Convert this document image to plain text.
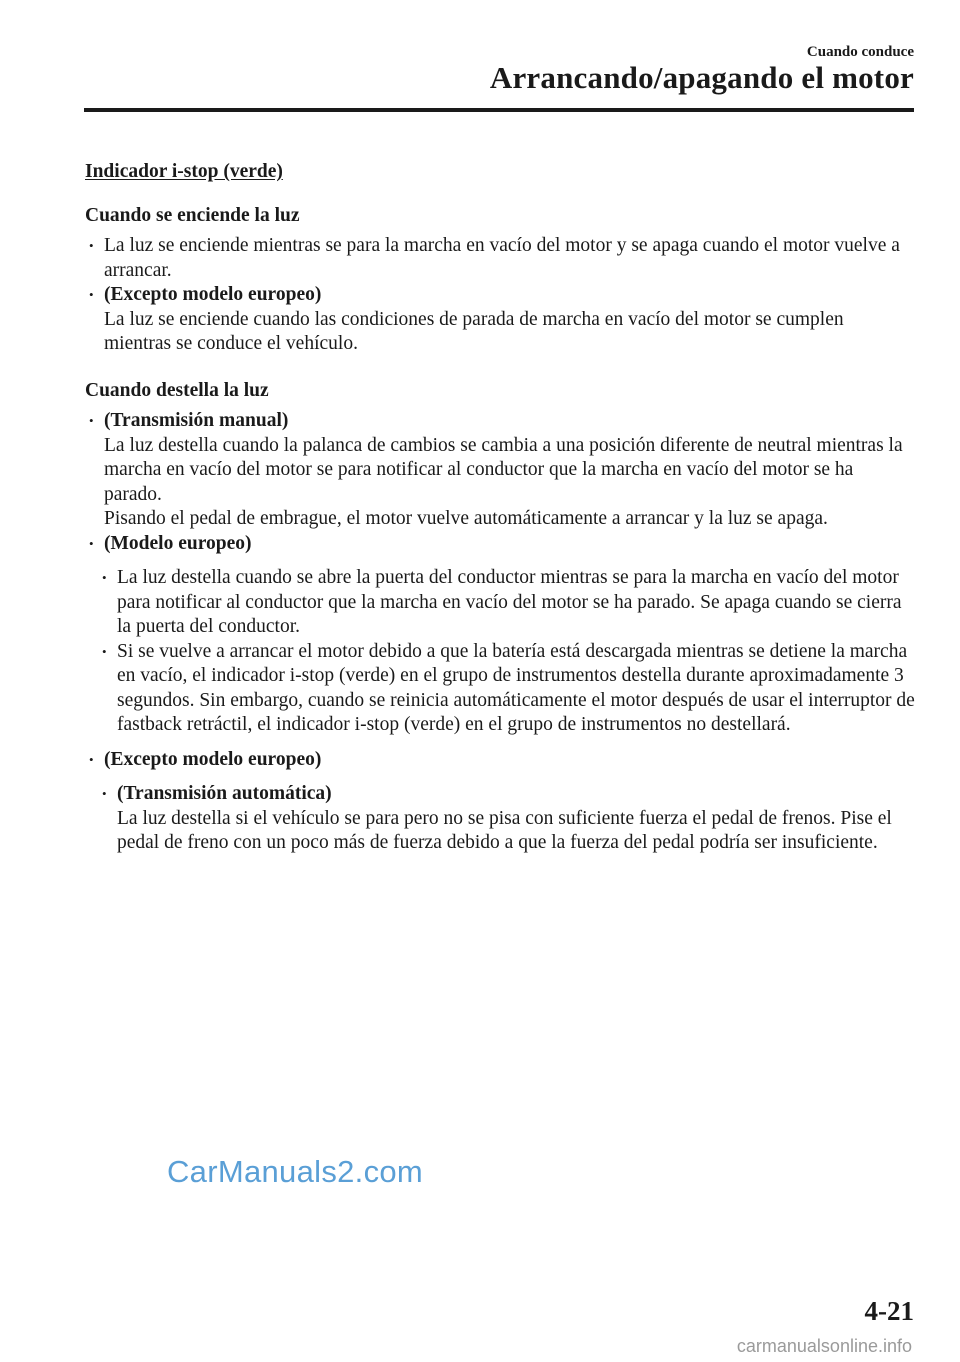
Cuando conduce
Arrancando/apagando el motor
Indicador i-stop (verde)
Cuando se enciende la luz
• La luz se enciende mientras se para la marcha en vacío del motor y se apaga cuando el motor vuelve a arrancar.
• (Excepto modelo europeo)
La luz se enciende cuando las condiciones de parada de marcha en vacío del motor se cumplen mientras se conduce el vehículo.
Cuando destella la luz
• (Transmisión manual)
La luz destella cuando la palanca de cambios se cambia a una posición diferente de neutral mientras la marcha en vacío del motor se para notificar al conductor que la marcha en vacío del motor se ha parado.
Pisando el pedal de embrague, el motor vuelve automáticamente a arrancar y la luz se apaga.
• (Modelo europeo)
• La luz destella cuando se abre la puerta del conductor mientras se para la marcha en vacío del motor para notificar al conductor que la marcha en vacío del motor se ha parado. Se apaga cuando se cierra la puerta del conductor.
• Si se vuelve a arrancar el motor debido a que la batería está descargada mientras se detiene la marcha en vacío, el indicador i-stop (verde) en el grupo de instrumentos destella durante aproximadamente 3 segundos. Sin embargo, cuando se reinicia automáticamente el motor después de usar el interruptor de fastback retráctil, el indicador i-stop (verde) en el grupo de instrumentos no destellará.
• (Excepto modelo europeo)
• (Transmisión automática)
La luz destella si el vehículo se para pero no se pisa con suficiente fuerza el pedal de frenos. Pise el pedal de freno con un poco más de fuerza debido a que la fuerza del pedal podría ser insuficiente.
CarManuals2.com
4-21
carmanualsonline.info
